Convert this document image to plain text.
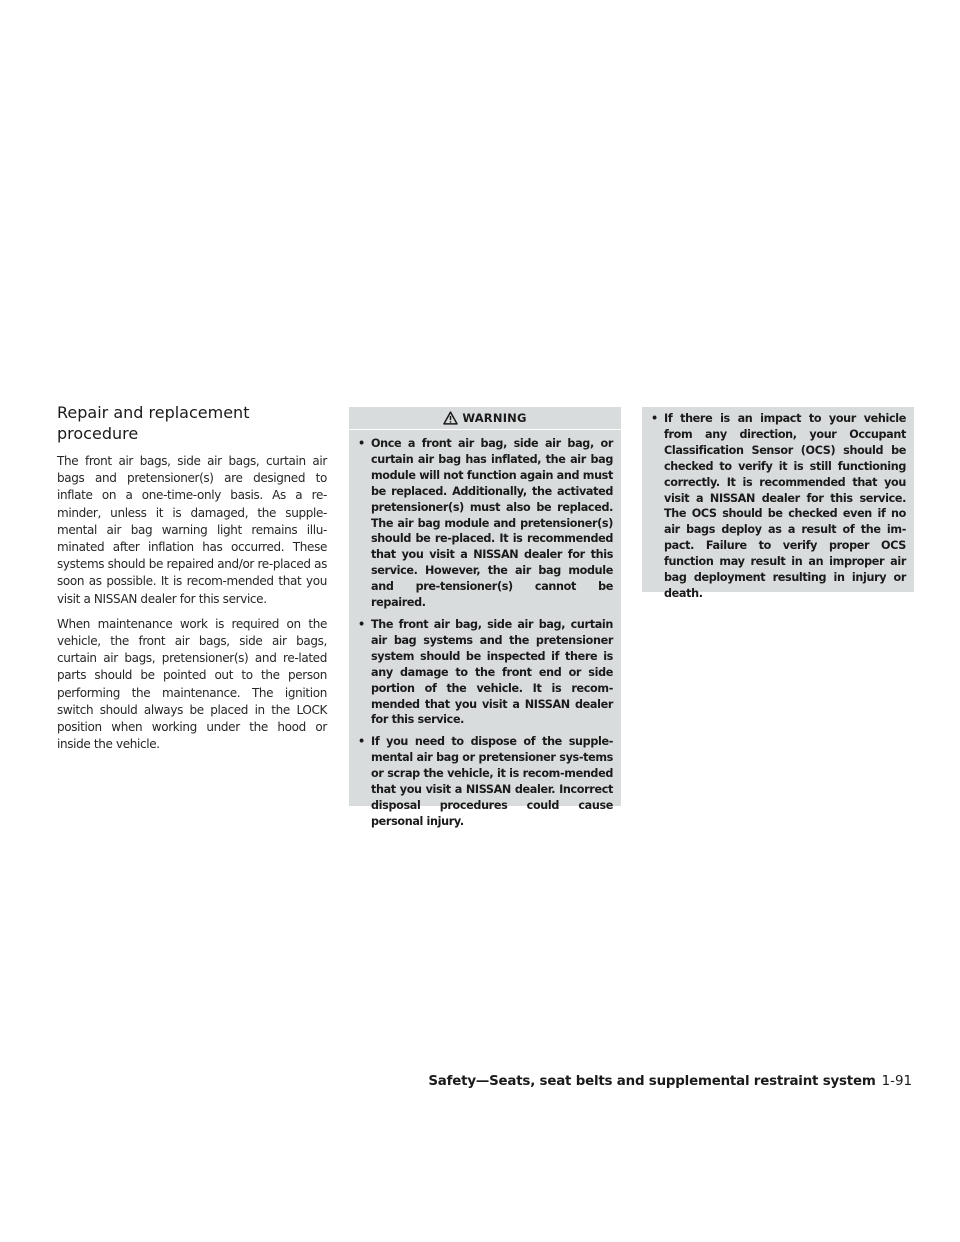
Repair and replacement
procedure

The front air bags, side air bags, curtain air bags and pretensioner(s) are designed to inflate on a one-time-only basis. As a re-minder, unless it is damaged, the supple-mental air bag warning light remains illu-minated after inflation has occurred. These systems should be repaired and/or re-placed as soon as possible. It is recom-mended that you visit a NISSAN dealer for this service.

When maintenance work is required on the vehicle, the front air bags, side air bags, curtain air bags, pretensioner(s) and re-lated parts should be pointed out to the person performing the maintenance. The ignition switch should always be placed in the LOCK position when working under the hood or inside the vehicle.

WARNING
• Once a front air bag, side air bag, or curtain air bag has inflated, the air bag module will not function again and must be replaced. Additionally, the activated pretensioner(s) must also be replaced. The air bag module and pretensioner(s) should be re-placed. It is recommended that you visit a NISSAN dealer for this service. However, the air bag module and pre-tensioner(s) cannot be repaired.
• The front air bag, side air bag, curtain air bag systems and the pretensioner system should be inspected if there is any damage to the front end or side portion of the vehicle. It is recom-mended that you visit a NISSAN dealer for this service.
• If you need to dispose of the supple-mental air bag or pretensioner sys-tems or scrap the vehicle, it is recom-mended that you visit a NISSAN dealer. Incorrect disposal procedures could cause personal injury.
• If there is an impact to your vehicle from any direction, your Occupant Classification Sensor (OCS) should be checked to verify it is still functioning correctly. It is recommended that you visit a NISSAN dealer for this service. The OCS should be checked even if no air bags deploy as a result of the im-pact. Failure to verify proper OCS function may result in an improper air bag deployment resulting in injury or death.
Safety—Seats, seat belts and supplemental restraint system 1-91
